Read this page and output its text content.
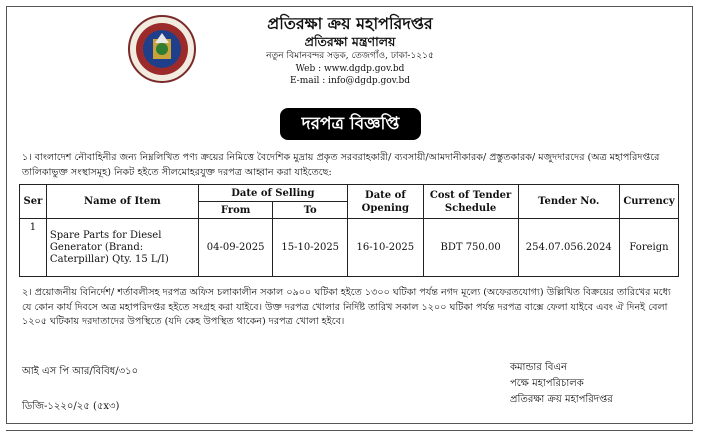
প্রতিরক্ষা ক্রয় মহাপরিদপ্তর
প্রতিরক্ষা মন্ত্রণালয়
নতুন বিমানবন্দর সড়ক, তেজগাঁও, ঢাকা-১২১৫
Web : www.dgdp.gov.bd
E-mail : info@dgdp.gov.bd
দরপত্র বিজ্ঞপ্তি
১। বাংলাদেশ নৌবাহিনীর জন্য নিম্নলিখিত পণ্য ক্রয়ের নিমিত্তে বৈদেশিক মুদ্রায় প্রকৃত সরবরাহকারী/ ব্যবসায়ী/আমদানীকারক/ প্রস্তুতকারক/ মজুদদারদের (অত্র মহাপরিদপ্তরে তালিকাভুক্ত সংস্থাসমূহ) নিকট হইতে সীলমোহরযুক্ত দরপত্র আহ্বান করা যাইতেছে:
Ser	Name of Item	Date of Selling		Date of Opening	Cost of Tender Schedule	Tender No.	Currency
		From	To				
1	Spare Parts for Diesel Generator (Brand: Caterpillar) Qty. 15 L/I)	04-09-2025	15-10-2025	16-10-2025	BDT 750.00	254.07.056.2024	Foreign
২। প্রয়োজনীয় বিনির্দেশ/ শর্তাবলীসহ দরপত্র অফিস চলাকালীন সকাল ০৯০০ ঘটিকা হইতে ১৩০০ ঘটিকা পর্যন্ত নগদ মূল্যে (অফেরতযোগ্য) উল্লিখিত বিক্রয়ের তারিখের মধ্যে যে কোন কার্য দিবসে অত্র মহাপরিদপ্তর হইতে সংগ্রহ করা যাইবে। উক্ত দরপত্র খোলার নির্দিষ্ট তারিখ সকাল ১২০০ ঘটিকা পর্যন্ত দরপত্র বাক্সে ফেলা যাইবে এবং ঐ দিনই বেলা ১২০৫ ঘটিকায় দরদাতাদের উপস্থিতে (যদি কেহ উপস্থিত থাকেন) দরপত্র খোলা হইবে।
আই এস পি আর/বিবিধ/৩১০
ডিজি-১২২০/২৫ (৫x৩)
কমান্ডার বিএন
পক্ষে মহাপরিচালক
প্রতিরক্ষা ক্রয় মহাপরিদপ্তর
